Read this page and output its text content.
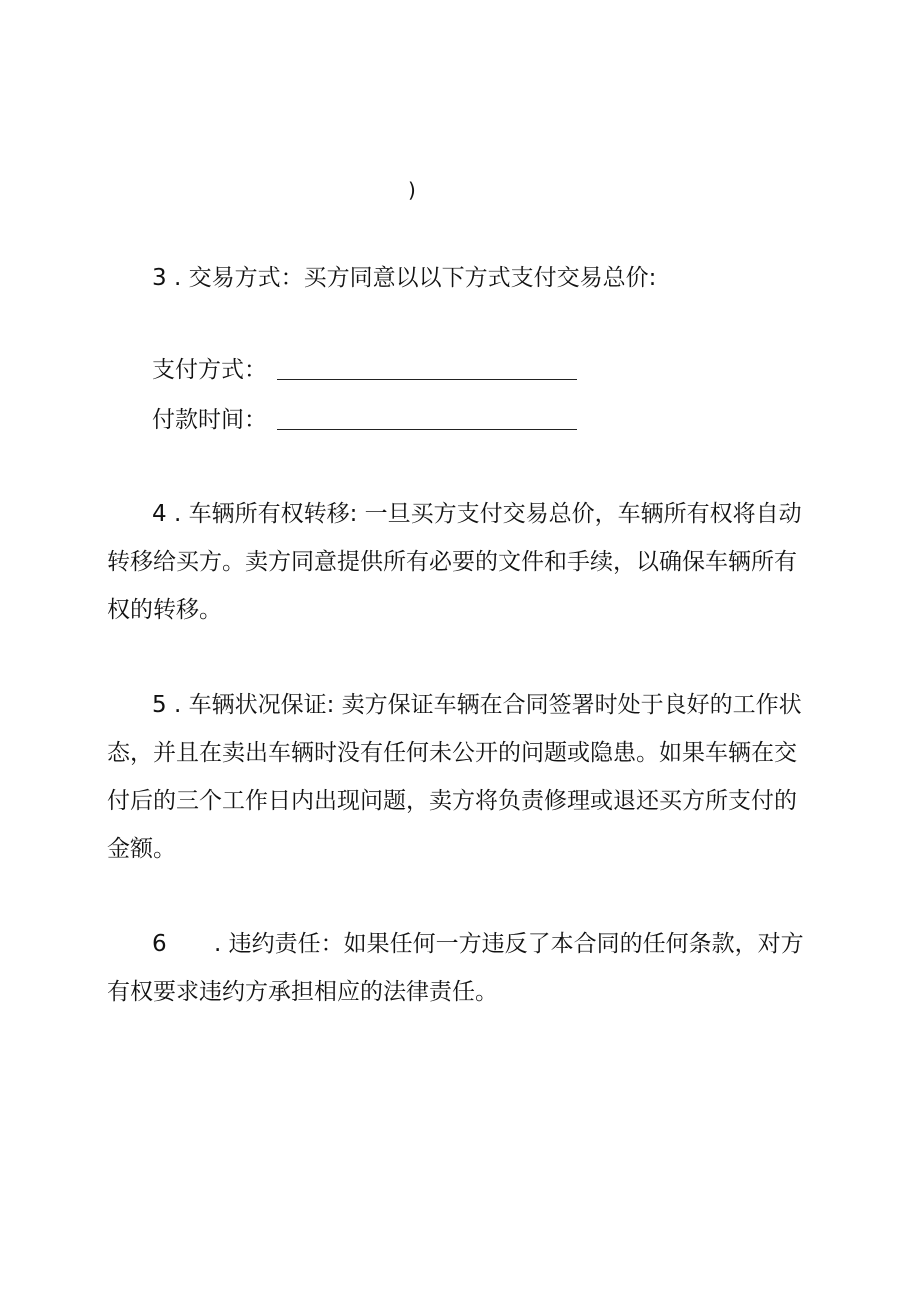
)
3 . 交易方式：买方同意以以下方式支付交易总价:
支付方式：
付款时间：
4 . 车辆所有权转移: 一旦买方支付交易总价，车辆所有权将自动
转移给买方。卖方同意提供所有必要的文件和手续，以确保车辆所有
权的转移。
5 . 车辆状况保证: 卖方保证车辆在合同签署时处于良好的工作状
态，并且在卖出车辆时没有任何未公开的问题或隐患。如果车辆在交
付后的三个工作日内出现问题，卖方将负责修理或退还买方所支付的
金额。
6 . 违约责任：如果任何一方违反了本合同的任何条款，对方
有权要求违约方承担相应的法律责任。
